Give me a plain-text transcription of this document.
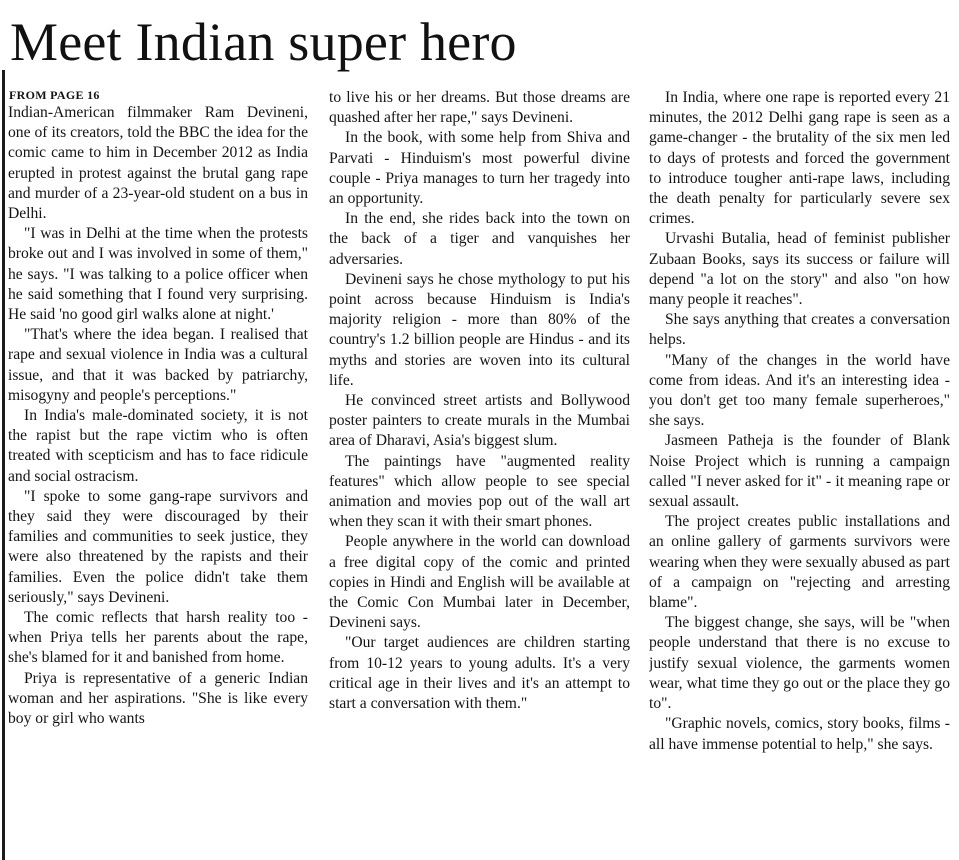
Meet Indian super hero
FROM PAGE 16

Indian-American filmmaker Ram Devineni, one of its creators, told the BBC the idea for the comic came to him in December 2012 as India erupted in protest against the brutal gang rape and murder of a 23-year-old student on a bus in Delhi.

"I was in Delhi at the time when the protests broke out and I was involved in some of them," he says. "I was talking to a police officer when he said something that I found very surprising. He said 'no good girl walks alone at night.'

"That's where the idea began. I realised that rape and sexual violence in India was a cultural issue, and that it was backed by patriarchy, misogyny and people's perceptions."

In India's male-dominated society, it is not the rapist but the rape victim who is often treated with scepticism and has to face ridicule and social ostracism.

"I spoke to some gang-rape survivors and they said they were discouraged by their families and communities to seek justice, they were also threatened by the rapists and their families. Even the police didn't take them seriously," says Devineni.

The comic reflects that harsh reality too - when Priya tells her parents about the rape, she's blamed for it and banished from home.

Priya is representative of a generic Indian woman and her aspirations. "She is like every boy or girl who wants

to live his or her dreams. But those dreams are quashed after her rape," says Devineni.

In the book, with some help from Shiva and Parvati - Hinduism's most powerful divine couple - Priya manages to turn her tragedy into an opportunity.

In the end, she rides back into the town on the back of a tiger and vanquishes her adversaries.

Devineni says he chose mythology to put his point across because Hinduism is India's majority religion - more than 80% of the country's 1.2 billion people are Hindus - and its myths and stories are woven into its cultural life.

He convinced street artists and Bollywood poster painters to create murals in the Mumbai area of Dharavi, Asia's biggest slum.

The paintings have "augmented reality features" which allow people to see special animation and movies pop out of the wall art when they scan it with their smart phones.

People anywhere in the world can download a free digital copy of the comic and printed copies in Hindi and English will be available at the Comic Con Mumbai later in December, Devineni says.

"Our target audiences are children starting from 10-12 years to young adults. It's a very critical age in their lives and it's an attempt to start a conversation with them."

In India, where one rape is reported every 21 minutes, the 2012 Delhi gang rape is seen as a game-changer - the brutality of the six men led to days of protests and forced the government to introduce tougher anti-rape laws, including the death penalty for particularly severe sex crimes.

Urvashi Butalia, head of feminist publisher Zubaan Books, says its success or failure will depend "a lot on the story" and also "on how many people it reaches".

She says anything that creates a conversation helps.

"Many of the changes in the world have come from ideas. And it's an interesting idea - you don't get too many female superheroes," she says.

Jasmeen Patheja is the founder of Blank Noise Project which is running a campaign called "I never asked for it" - it meaning rape or sexual assault.

The project creates public installations and an online gallery of garments survivors were wearing when they were sexually abused as part of a campaign on "rejecting and arresting blame".

The biggest change, she says, will be "when people understand that there is no excuse to justify sexual violence, the garments women wear, what time they go out or the place they go to".

"Graphic novels, comics, story books, films - all have immense potential to help," she says.
